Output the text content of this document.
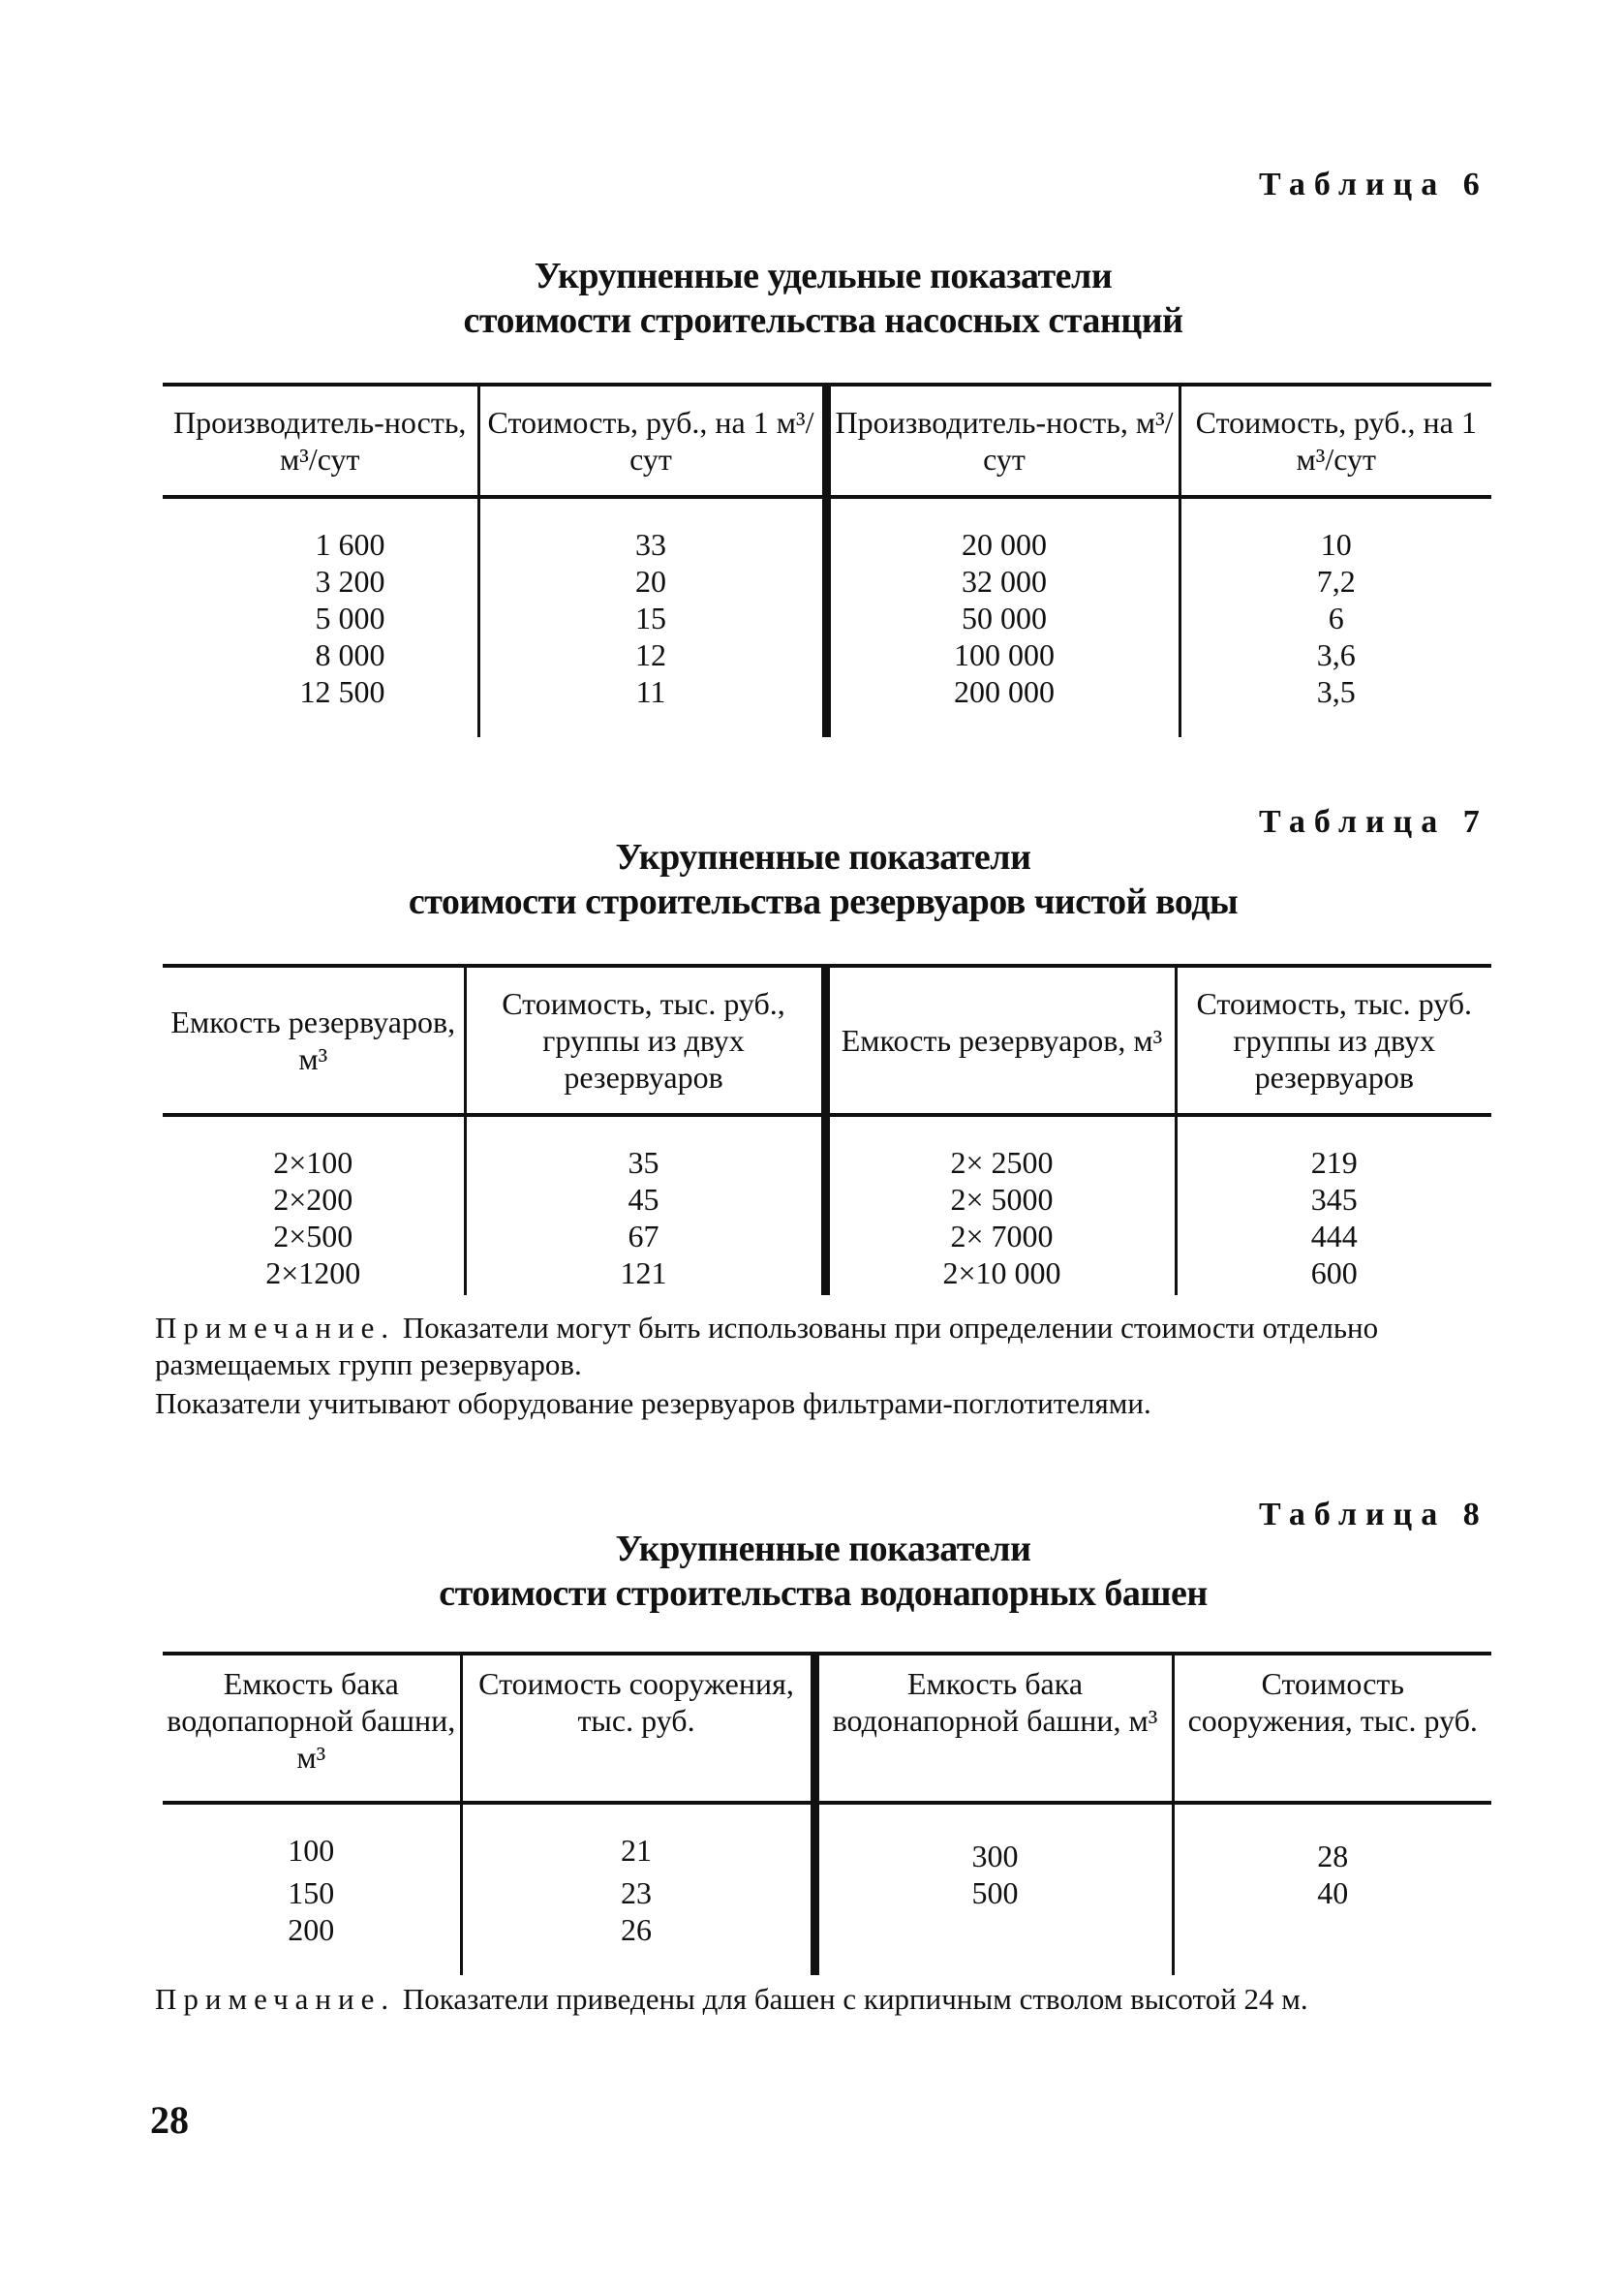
Таблица 6
Укрупненные удельные показатели
стоимости строительства насосных станций
Производитель-ность, м³/сут	Стоимость, руб., на 1 м³/сут	Производитель-ность, м³/сут	Стоимость, руб., на 1 м³/сут
1 600	33	20 000	10
3 200	20	32 000	7,2
5 000	15	50 000	6
8 000	12	100 000	3,6
12 500	11	200 000	3,5
Таблица 7
Укрупненные показатели
стоимости строительства резервуаров чистой воды
Емкость резервуаров, м³	Стоимость, тыс. руб., группы из двух резервуаров	Емкость резервуаров, м³	Стоимость, тыс. руб. группы из двух резервуаров
2×100	35	2× 2500	219
2×200	45	2× 5000	345
2×500	67	2× 7000	444
2×1200	121	2×10 000	600
Примечание. Показатели могут быть использованы при определении стоимости отдельно размещаемых групп резервуаров.
Показатели учитывают оборудование резервуаров фильтрами-поглотителями.
Таблица 8
Укрупненные показатели
стоимости строительства водонапорных башен
Емкость бака водопапорной башни, м³	Стоимость сооружения, тыс. руб.	Емкость бака водонапорной башни, м³	Стоимость сооружения, тыс. руб.
100	21	300	28
150	23	500	40
200	26		
Примечание. Показатели приведены для башен с кирпичным стволом высотой 24 м.
28
